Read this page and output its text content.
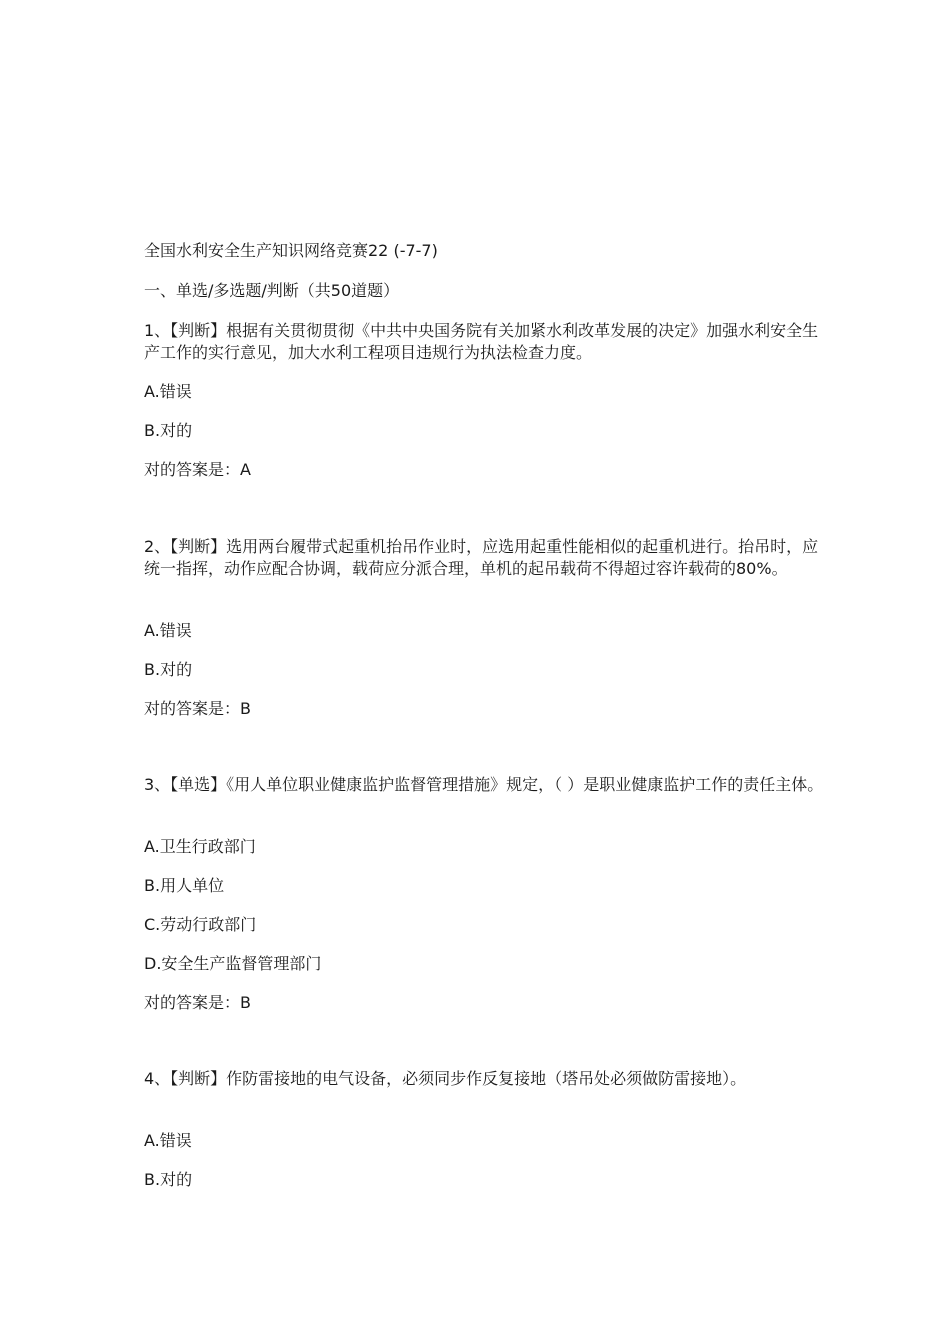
全国水利安全生产知识网络竞赛22 (-7-7)
一、单选/多选题/判断（共50道题）
1、【判断】根据有关贯彻贯彻《中共中央国务院有关加紧水利改革发展的决定》加强水利安全生产工作的实行意见，加大水利工程项目违规行为执法检查力度。
A.错误
B.对的
对的答案是：A
2、【判断】选用两台履带式起重机抬吊作业时，应选用起重性能相似的起重机进行。抬吊时，应统一指挥，动作应配合协调，载荷应分派合理，单机的起吊载荷不得超过容许载荷的80%。
A.错误
B.对的
对的答案是：B
3、【单选】《用人单位职业健康监护监督管理措施》规定，（ ）是职业健康监护工作的责任主体。
A.卫生行政部门
B.用人单位
C.劳动行政部门
D.安全生产监督管理部门
对的答案是：B
4、【判断】作防雷接地的电气设备，必须同步作反复接地（塔吊处必须做防雷接地）。
A.错误
B.对的
